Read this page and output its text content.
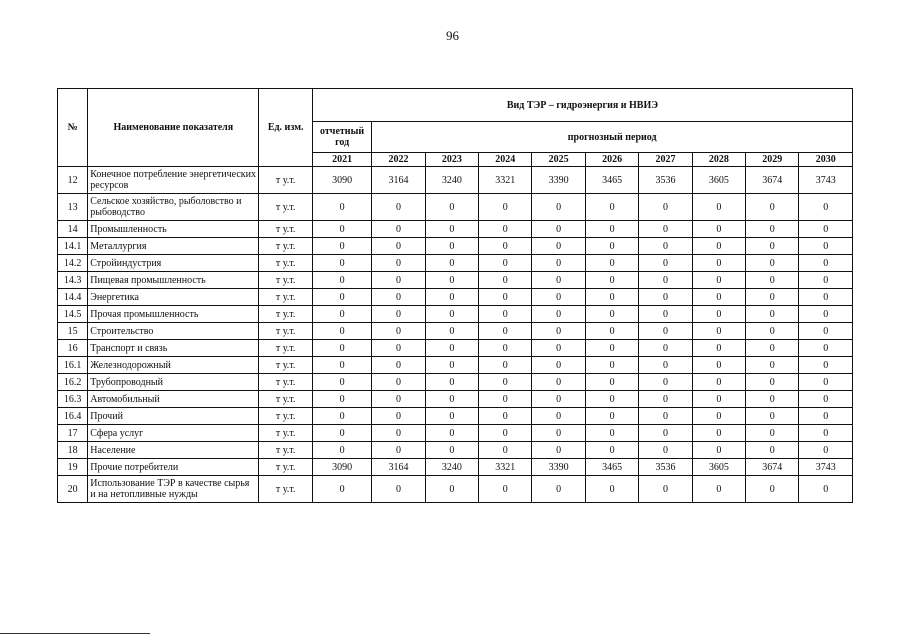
96
№	Наименование показателя	Ед. изм.	Вид ТЭР – гидроэнергия и НВИЭ									
			отчетный год	прогнозный период								
			2021	2022	2023	2024	2025	2026	2027	2028	2029	2030
12	Конечное потребление энергетических ресурсов	т у.т.	3090	3164	3240	3321	3390	3465	3536	3605	3674	3743
13	Сельское хозяйство, рыболовство и рыбоводство	т у.т.	0	0	0	0	0	0	0	0	0	0
14	Промышленность	т у.т.	0	0	0	0	0	0	0	0	0	0
14.1	Металлургия	т у.т.	0	0	0	0	0	0	0	0	0	0
14.2	Стройиндустрия	т у.т.	0	0	0	0	0	0	0	0	0	0
14.3	Пищевая промышленность	т у.т.	0	0	0	0	0	0	0	0	0	0
14.4	Энергетика	т у.т.	0	0	0	0	0	0	0	0	0	0
14.5	Прочая промышленность	т у.т.	0	0	0	0	0	0	0	0	0	0
15	Строительство	т у.т.	0	0	0	0	0	0	0	0	0	0
16	Транспорт и связь	т у.т.	0	0	0	0	0	0	0	0	0	0
16.1	Железнодорожный	т у.т.	0	0	0	0	0	0	0	0	0	0
16.2	Трубопроводный	т у.т.	0	0	0	0	0	0	0	0	0	0
16.3	Автомобильный	т у.т.	0	0	0	0	0	0	0	0	0	0
16.4	Прочий	т у.т.	0	0	0	0	0	0	0	0	0	0
17	Сфера услуг	т у.т.	0	0	0	0	0	0	0	0	0	0
18	Население	т у.т.	0	0	0	0	0	0	0	0	0	0
19	Прочие потребители	т у.т.	3090	3164	3240	3321	3390	3465	3536	3605	3674	3743
20	Использование ТЭР в качестве сырья и на нетопливные нужды	т у.т.	0	0	0	0	0	0	0	0	0	0
